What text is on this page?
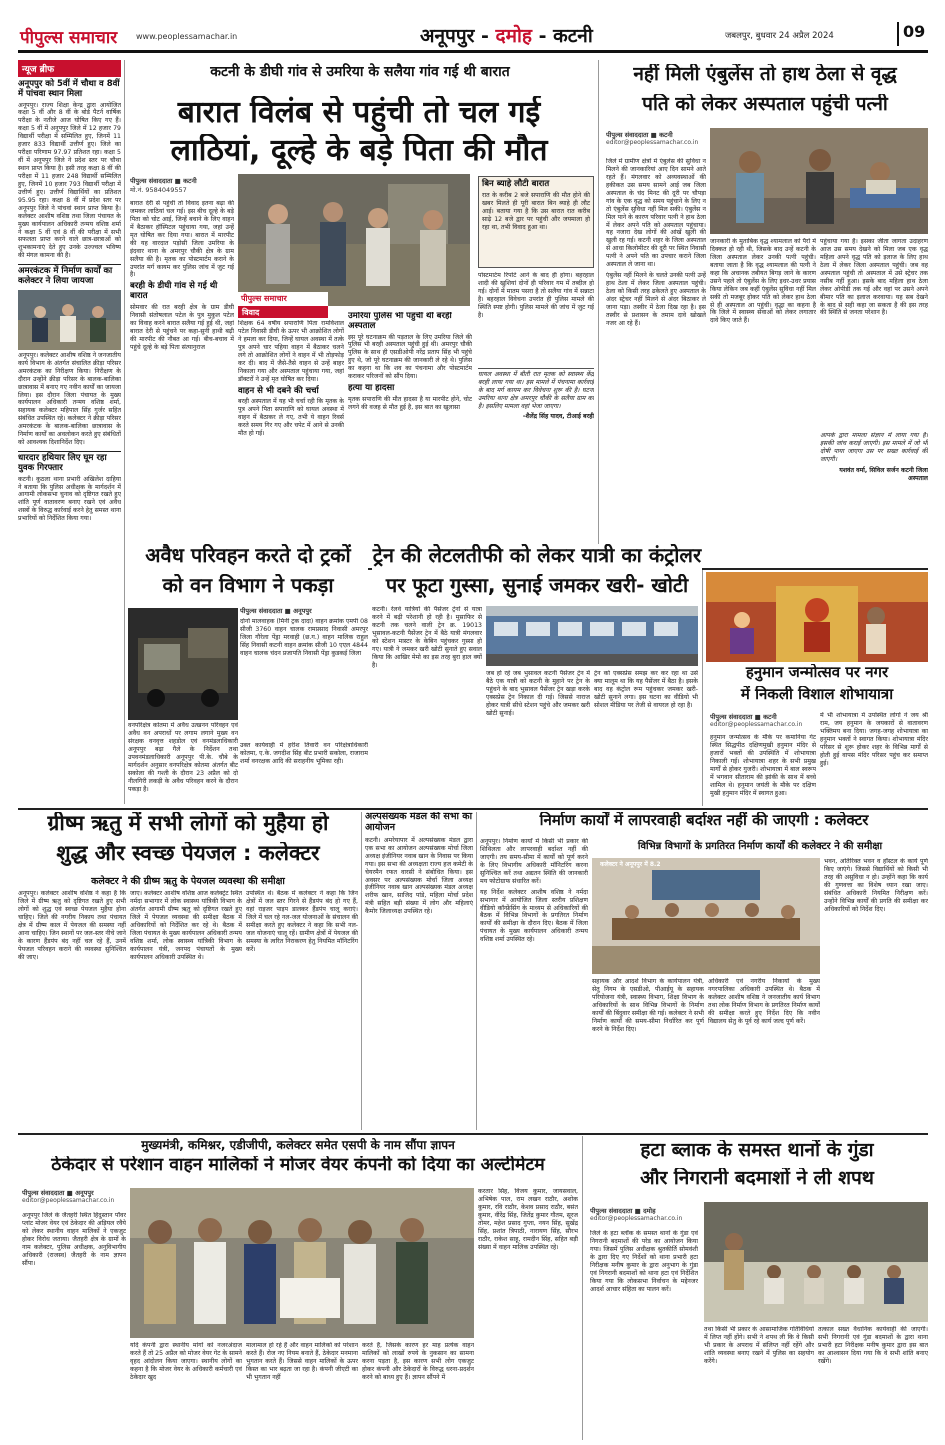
पीपुल्स समाचार www.peoplessamachar.in	अनूपपुर - दमोह - कटनी	जबलपुर, बुधवार 24 अप्रैल 2024	09
न्यूज ब्रीफ
अनूपपुर को 5वीं में चौथा व 8वीं में पांचवा स्थान मिला
अनूपपुर। राज्य शिक्षा केन्द्र द्वारा आयोजित कक्षा 5 वीं और 8 वीं के बोर्ड पैटर्न वार्षिक परीक्षा के नतीजे आज घोषित किए गए हैं। कक्षा 5 वीं में अनूपपुर जिले में 12 हजार 79 विद्यार्थी परीक्षा में सम्मिलित हुए, जिनमें 11 हजार 833 विद्यार्थी उत्तीर्ण हुए। जिले का परीक्षा परिणाम 97.97 प्रतिशत रहा। कक्षा 5 वीं में अनूपपुर जिले ने प्रदेश स्तर पर चौथा स्थान प्राप्त किया है। इसी तरह कक्षा 8 वीं की परीक्षा में 11 हजार 248 विद्यार्थी सम्मिलित हुए, जिनमें 10 हजार 793 विद्यार्थी परीक्षा में उत्तीर्ण हुए। उत्तीर्ण विद्यार्थियों का प्रतिशत 95.95 रहा। कक्षा 8 वीं में प्रदेश स्तर पर अनूपपुर जिले ने पांचवां स्थान प्राप्त किया है। कलेक्टर आशीष वशिष्ठ तथा जिला पंचायत के मुख्य कार्यपालन अधिकारी तन्मय वशिष्ठ शर्मा ने कक्षा 5 वीं एवं 8 वीं की परीक्षा में सभी सफलता प्राप्त करने वाले छात्र-छात्राओं को शुभकामनाएं देते हुए उनके उज्ज्वल भविष्य की मंगल कामना की है।
अमरकंटक में निर्माण कार्यों का कलेक्टर ने लिया जायजा
अनूपपुर। कलेक्टर आशीष वशिष्ठ ने जनजातीय कार्य विभाग के अंतर्गत संचालित क्रीड़ा परिसर अमरकंटक का निरीक्षण किया। निरीक्षण के दौरान उन्होंने क्रीड़ा परिसर के बालक-बालिका छात्रावास में बनाए गए नवीन कार्यों का जायजा लिया। इस दौरान जिला पंचायत के मुख्य कार्यपालन अधिकारी तन्मय वशिष्ठ शर्मा, सहायक कलेक्टर महिपाल सिंह गुर्जर सहित संबंधित उपस्थित रहे। कलेक्टर ने क्रीड़ा परिसर अमरकंटक के बालक-बालिका छात्रावास के निर्माण कार्यों का अवलोकन करते हुए संबंधितों को आवश्यक दिशानिर्देश दिए।
धारदार हथियार लिए घूम रहा युवक गिरफ्तार
कटनी। कुठला थाना प्रभारी अखिलेश दाहिया ने बताया कि पुलिस अधीक्षक के मार्गदर्शन में आगामी लोकसभा चुनाव को दृष्टिगत रखते हुए शांति पूर्ण वातावरण बनाए रखने एवं अवैध शस्त्रों के विरुद्ध कार्रवाई करने हेतु समस्त थाना प्रभारियों को निर्देशित किया गया।
कटनी के डीघी गांव से उमरिया के सलैया गांव गई थी बारात
बारात विलंब से पहुंची तो चल गई
लाठियां, दूल्हे के बड़े पिता की मौत
पीपुल्स संवाददाता ■ कटनी
मो.नं. 9584049557
पीपुल्स समाचार
विवाद
बारात देरी से पहुंची तो विवाद इतना बढ़ा की जमकर लाठियां चल गई। इस बीच दूल्हे के बड़े पिता को चोट आई, जिन्हें बचाने के लिए वाहन में बैठाकर हॉस्पिटल पहुंचाया गया, जहां उन्हें मृत घोषित कर दिया गया। बारात में मारपीट की यह वारदात पड़ोसी जिला उमरिया के इंदवार थाना के अमरपुर चौकी क्षेत्र के ग्राम सलैया की है। मृतक का पोस्टमार्टम कराने के उपरांत मर्ग कायम कर पुलिस जांच में जुट गई है।
बरही के डीघी गांव से गई थी बारात
सोमवार की रात बरही क्षेत्र के ग्राम डीघी निवासी संतोषलाल पटेल के पुत्र मुकुल पटेल का विवाह करने बारात सलैया गई हुई थी, जहां बारात देरी से पहुंचने पर कहा-सुनी हाथी बढ़ी की मारपीट की नौबत आ गई। बीच-बचाव में पहुंचे दूल्हे के बड़े पिता संत्यानुराज
शिक्षक 64 वर्षीय सपाराणि पिता रामविशाल पटेल निवासी डीघी के ऊपर भी आक्रोशित लोगों ने हमला कर दिया, जिन्हें घायल अवस्था में तत्के पुत्र अपने चार पहिया वाहन में बैठाकर चलने लगे तो आक्रोशित लोगों ने वाहन में भी तोड़फोड़ कर दी। बाद में जैसे-तैसे वाहन से उन्हें बाहर निकाला गया और अस्पताल पहुंचाया गया, जहां डॉक्टरों ने उन्हें मृत घोषित कर दिया।
वाहन से भी दबने की चर्चा
बरही अस्पताल में यह भी चर्चा रही कि मृतक के पुत्र अपने पिता सपाराणि को घायल अवस्था में वाहन में बैठाकर ले गए, तभी ये वाहन रिवर्स करते समय गिर गए और चपेट में आने से उनकी मौत हो गई।
उमरिया पुलिस भी पहुंची थी बरही अस्पताल
इस पूरे घटनाक्रम की पड़ताल के लिए उमरिया जिले की पुलिस भी बरही अस्पताल पहुंची हुई थी। अमरपुर चौकी पुलिस के साथ ही एसडीओपी नरेंद्र प्रताप सिंह भी पहुंचे हुए थे, जो पूरे घटनाक्रम की जानकारी ले रहे थे। पुलिस का कहना था कि शव का पंचनामा और पोस्टमार्टम कराकर परिजनों को सौंप दिया।
हत्या या हादसा
मृतक सपाराणि की मौत हादसा है या मारपीट होने, चोट लगने की वजह से मौत हुई है, इस बात का खुलासा
बिन ब्याहे लौटी बारात
रात के करीब 2 बजे सपाराणि की मौत होने की खबर मिलते ही पूरी बारात बिन ब्याहे ही लौट आई। बताया गया है कि उस बारात रात करीब साढ़े 12 बजे द्वार पर पहुंची और जयमाला हो रहा था, तभी विवाद हुआ था।
पोस्टमार्टम रिपोर्ट आने के बाद ही होगा। बहरहाल शादी की खुशियां दोनों ही परिवार गम में तब्दील हो गई। दोनों में मातम पसरा है तो सलैया गांव में सन्नाटा है। बहरहाल विवेचना उपरांत ही पुलिस मामले की स्थिति स्पष्ट होगी। पुलिस मामले की जांच में जुट गई है।
घायल अवस्था में बीती रात मृतक को स्वास्थ्य केंद्र बरही लाया गया था। इस मामले में पंचनामा कार्रवाई के बाद मर्ग कायम कर विवेचना शुरू की है। घटना उमरिया थाना क्षेत्र अमरपुर चौकी के सलैया ग्राम का है। इसलिए मामला वहां भेजा जाएगा।
-शैलेंद्र सिंह यादव, टीआई बरही
नहीं मिली एंबुलेंस तो हाथ ठेला से वृद्ध
पति को लेकर अस्पताल पहुंची पत्नी
पीपुल्स संवाददाता ■ कटनी
editor@peoplessamachar.co.in
जिले में ग्रामीण क्षेत्रों में एंबुलेंस की सुविधा न मिलने की जानकारियां आए दिन सामने आते रहते हैं। मंगलवार को अव्यवस्थाओं की हकीकत उस समय सामने आई जब जिला अस्पताल के चंद मिनट की दूरी पर चौपड़ा गांव के एक वृद्ध को समय पहुंचाने के लिए न तो एंबुलेंस सुविधा नहीं मिल सकी। एंबुलेंस न मिल पाने के कारण परिवार पत्नी ने हाथ ठेला में लेकर अपने पति को अस्पताल पहुंचाया। यह नजारा देख लोगों की आंखें खुली की खुली रह गई। कटनी शहर के जिला अस्पताल से आधा किलोमीटर की दूरी पर स्थित निवासी पत्नी ने अपने पति का उपचार कराने जिला अस्पताल ले जाना था।
एंबुलेंस नहीं मिलने के चलते उनकी पत्नी उन्हें हाथ ठेला में लेकर जिला अस्पताल पहुंची। ठेला को किसी तरह ढकेलते हुए अस्पताल के अंदर स्ट्रेचर नहीं मिलने से अंदर बिठाकर ले जाना पड़ा। तस्वीर में ठेला दिख रहा है। इस तस्वीर से प्रशासन के तमाम दावे खोखले नजर आ रहे हैं।
जानकारी के मुताबिक वृद्ध श्यामलाल को पैरों में दिक्कत हो रही थी, जिसके बाद उन्हें कटनी के जिला अस्पताल लेकर उनकी पत्नी पहुंची। बताया जाता है कि वृद्ध श्यामलाल की पत्नी ने कहा कि अचानक तबीयत बिगड़ जाने के कारण उसने पहले तो एंबुलेंस के लिए इधर-उधर प्रयास किया लेकिन जब कहीं एंबुलेंस सुविधा नहीं मिल सकी तो मजबूर होकर पति को लेकर हाथ ठेला से ही अस्पताल आ पहुंची। वृद्धा का कहना है कि जिले में स्वास्थ्य सेवाओं को लेकर लगातार दावे किए जाते हैं।
पहुंचाया गया है। इसका जीता जागता उदाहरण आज उस समय देखने को मिला जब एक वृद्ध महिला अपने वृद्ध पति को इलाज के लिए हाथ ठेला में लेकर जिला अस्पताल पहुंची। जब वह अस्पताल पहुंची तो अस्पताल में उसे स्ट्रेचर तक नसीब नहीं हुआ। इसके बाद महिला हाथ ठेला लेकर ओपीडी तक गई और वहां पर उसने अपने बीमार पति का इलाज करवाया। यह सब देखने के बाद से सही कहा जा सकता है की इस तरह की स्थिति से जनता परेशान है।
आपके द्वारा मामला संज्ञान में लाया गया है। इसकी जांच कराई जाएगी। इस मामले में जो भी दोषी पाया जाएगा उस पर सख्त कार्रवाई की जाएगी।
यशवंत वर्मा, सिविल सर्जन कटनी जिला अस्पताल
अवैध परिवहन करते दो ट्रकों
को वन विभाग ने पकड़ा
वनपरिक्षेत्र कोतमा में अवैध उत्खनन परिवहन एवं अवैध वन अपराधों पर लगाम लगाने मुख्य वन संरक्षक वनवृत्त शहडोल एवं वनमंडलाधिकारी अनूपपुर बढ़ा गैले के निर्देशन तथा उपवनमंडलाधिकारी अनूपपुर पी.के. चौबे के मार्गदर्शन अनुसार वनपरिक्षेत्र कोतमा अंतर्गत बीट सकोला की गश्ती के दौरान 23 अप्रैल को दो नीलगिरी लकड़ी के अवैध परिवहन करने के दौरान पकड़ा है।
पीपुल्स संवाददाता ■ अनूपपुर
दोनों मालवाहक (मिनी ट्रक दादा) वाहन क्रमांक एमपी 08 सीजी 3760 वाहन चालक रामप्रसाद निवासी अमरपुर जिला गौरेला पेंड्रा मरवाही (छ.ग.) वाहन मालिक राहुल सिंह निवासी कटनी वाहन क्रमांक सीजी 10 एएल 4844 वाहन चालक चंदन प्रजापति निवासी पेंड्रा कुडकई जिला
ट्रेन की लेटलतीफी को लेकर यात्री का कंट्रोलर
पर फूटा गुस्सा, सुनाई जमकर खरी- खोटी
कटनी। रेलवे यात्रियों की पैसेंजर ट्रेनों से यात्रा करने में बढ़ी परेशानी हो रही है। मुसाफिर से कटनी तक चलने वाली ट्रेन क्र. 19013 भुसावल-कटनी पैसेंजर ट्रेन में बैठे यात्री मंगलवार को स्टेशन मास्टर के केबिन पहुंचकर गुस्सा हो गए। यात्री ने जमकर खरी खोटी सुनाते हुए सवाल किया कि आखिर मेमो का इस तरह बुरा हाल क्यों है।
जब हो रहे जब भुसावल कटनी पैसेंजर ट्रेन में बैठे एक यात्री को कटनी के मुहाने पर ट्रेन के पहुंचने के बाद भुसावल पैसेंजर ट्रेन खड़ा करके एक्सप्रेस ट्रेन निकाल दी गई। जिससे नाराज होकर यात्री सीधे स्टेशन पहुंचे और जमकर खरी खोटी सुनाई।
ट्रेन को एक्सप्रेस समझ कर कर रहा था उसे क्या मालूम था कि यह पैसेंजर में बैठा है। इसके बाद वह कंट्रोल रूम पहुंचकर जमकर खरी-खोटी सुनाने लगा। इस घटना का वीडियो भी सोशल मीडिया पर तेजी से वायरल हो रहा है।
हनुमान जन्मोत्सव पर नगर
में निकली विशाल शोभायात्रा
पीपुल्स संवाददाता ■ कटनी
editor@peoplessamachar.co.in
हनुमान जन्मोत्सव के मौके पर कमानिया गेट स्थित सिद्धपीठ दक्षिणमुखी हनुमान मंदिर से हजारों भक्तों की उपस्थिति में शोभायात्रा निकाली गई। शोभायात्रा शहर के सभी प्रमुख मार्गों से होकर गुजरी। शोभायात्रा में बाल स्वरूप में भगवान सीताराम की झांकी के साथ में बच्चे शामिल थे। हनुमान जयंती के मौके पर दक्षिण मुखी हनुमान मंदिर में स्वागत हुआ।
में भी शोभायात्रा में उपस्थित लोगों ने जय श्री राम, जय हनुमान के जयकारों से वातावरण भक्तिमय बना दिया। जगह-जगह शोभायात्रा का हनुमान भक्तों ने स्वागत किया। शोभायात्रा मंदिर परिसर से शुरू होकर शहर के विभिन्न मार्गों से होती हुई वापस मंदिर परिसर पहुंच कर समाप्त हुई।
ग्रीष्म ऋतु में सभी लोगों को मुहैया हो
शुद्ध और स्वच्छ पेयजल : कलेक्टर
कलेक्टर ने की ग्रीष्म ऋतु के पेयजल व्यवस्था की समीक्षा
अनूपपुर। कलेक्टर आशीष वशिष्ठ ने कहा है कि जिले में ग्रीष्म ऋतु को दृष्टिगत रखते हुए सभी लोगों को शुद्ध एवं स्वच्छ पेयजल मुहैया होना चाहिए। जिले की नगरीय निकाय तथा पंचायत क्षेत्र में ग्रीष्म काल में पेयजल की समस्या नहीं आना चाहिए। जिन स्थानों पर जल-स्तर नीचे जाने के कारण हैंडपंप बंद नहीं चल रहे हैं, उनमें पेयजल परिवहन कराने की व्यवस्था सुनिश्चित की जाए।
जाए। कलेक्टर आशीष वशिष्ठ आज कलेक्ट्रेट स्थित नर्मदा सभागार में लोक स्वास्थ्य यांत्रिकी विभाग के अंतर्गत आगामी ग्रीष्म ऋतु को दृष्टिगत रखते हुए जिले में पेयजल व्यवस्था की समीक्षा बैठक में अधिकारियों को निर्देशित कर रहे थे। बैठक में जिला पंचायत के मुख्य कार्यपालन अधिकारी तन्मय वशिष्ठ शर्मा, लोक स्वास्थ्य यांत्रिकी विभाग के कार्यपालन यंत्री, जनपद पंचायतों के मुख्य कार्यपालन अधिकारी उपस्थित थे।
उपस्थित थे। बैठक में कलेक्टर ने कहा कि जिन क्षेत्रों में जल स्तर गिरने से हैंडपंप बंद हो गए हैं, वहां राइजर पाइप डालकर हैंडपंप चालू कराएं। जिले में चल रहे नल-जल योजनाओं के संचालन की समीक्षा करते हुए कलेक्टर ने कहा कि सभी नल-जल योजनाएं चालू रहें। ग्रामीण क्षेत्रों में पेयजल की समस्या के त्वरित निराकरण हेतु नियमित मॉनिटरिंग करें।
अल्पसंख्यक मंडल की सभा का आयोजन
कटनी। अमरेयापार में अल्पसंख्यक मंडल द्वारा एक सभा का आयोजन अल्पसंख्यक मोर्चा जिला अध्यक्ष इंजीनियर नवाब खान के निवास पर किया गया। इस सभा की अध्यक्षता राज्य हज कमेटी के चेयरमैन रफत वारसी ने संबोधित किया। इस अवसर पर अल्पसंख्यक मोर्चा जिला अध्यक्ष इंजीनियर नवाब खान अल्पसंख्यक मंडल अध्यक्ष शरीफ खान, साजिद पांडे, महिला मोर्चा प्रदेश मंत्री सहित बड़ी संख्या में लोग और महिलाएं कैमोर जिलाध्यक्ष उपस्थित रहे।
निर्माण कार्यों में लापरवाही बर्दाश्त नहीं की जाएगी : कलेक्टर
अनूपपुर। निर्माण कार्यों में किसी भी प्रकार की शिथिलता और लापरवाही बर्दाश्त नहीं की जाएगी। तय समय-सीमा में कार्यों को पूर्ण करने के लिए विभागीय अधिकारी मॉनिटरिंग करना सुनिश्चित करें तथा अद्यतन स्थिति की जानकारी मय फोटोग्राफ संधारित करें।
यह निर्देश कलेक्टर आशीष वशिष्ठ ने नर्मदा सभागार में आयोजित जिला स्तरीय प्रशिक्षण वीडियो कॉन्फ्रेंसिंग के माध्यम से अधिकारियों की बैठक में विभिन्न विभागों के प्रगतिरत निर्माण कार्यों की समीक्षा के दौरान दिए। बैठक में जिला पंचायत के मुख्य कार्यपालन अधिकारी तन्मय वशिष्ठ शर्मा उपस्थित रहे।
विभिन्न विभागों के प्रगतिरत निर्माण कार्यों की कलेक्टर ने की समीक्षा
कलेक्टर ने अनूपपुर में 8.2
सहायक और आदर्श विभाग के कार्यपालन यंत्री, सेतु निगम के एसडीओ, पीआईयू के सहायक परियोजना यंत्री, स्वास्थ्य विभाग, शिक्षा विभाग के अधिकारियों के साथ विभिन्न विभागों के निर्माण कार्यों की बिंदुवार समीक्षा की गई। कलेक्टर ने सभी निर्माण कार्यों की समय-सीमा निर्धारित कर पूर्ण करने के निर्देश दिए।
अधिकारी एवं नगरीय निकायों के मुख्य नगरपालिका अधिकारी उपस्थित थे। बैठक में कलेक्टर आशीष वशिष्ठ ने जनजातीय कार्य विभाग तथा लोक निर्माण विभाग के प्रगतिरत निर्माण कार्यों की समीक्षा करते हुए निर्देश दिए कि नवीन विद्यालय सेतु के पूर्व रहे कार्य जल्द पूर्ण करें।
भवन, अतिरिक्त भवन व हॉस्टल के कार्य पूर्ण किए जाएंगे। जिससे विद्यार्थियों को किसी भी तरह की असुविधा न हो। उन्होंने कहा कि कार्य की गुणवत्ता का विशेष ध्यान रखा जाए। संबंधित अधिकारी नियमित निरीक्षण करें। उन्होंने विभिन्न कार्यों की प्रगति की समीक्षा कर अधिकारियों को निर्देश दिए।
मुख्यमंत्री, कमिश्नर, एडीजीपी, कलेक्टर समेत एसपी के नाम सौंपा ज्ञापन
ठेकेदार से परेशान वाहन मालिकों ने मोजर वेयर कंपनी को दिया का अल्टीमेटम
पीपुल्स संवाददाता ■ अनूपपुर
editor@peoplessamachar.co.in
अनूपपुर जिले के जैतहरी स्थित हिंदुस्तान पॉवर प्लांट मोजर वेयर एवं ठेकेदार की अड़ियल रवैये को लेकर स्थानीय वाहन मालिकों ने एकजुट होकर विरोध जताया। जैतहरी क्षेत्र के ग्रामों के नाम कलेक्टर, पुलिस अधीक्षक, अनुविभागीय अधिकारी (राजस्व) जैतहरी के नाम ज्ञापन सौंपा।
यदि कंपनी द्वारा स्थानीय मांगों को नजरअंदाज करते हैं तो 25 अप्रैल को मोजर वेयर गेट के सामने वृहद आंदोलन किया जाएगा। स्थानीय लोगों का कहना है कि मोजर वेयर के अधिकारी कर्मचारी एवं ठेकेदार खुद
मालामाल हो रहे हैं और वाहन मालिकों को परेशान करते हैं। रोज नए नियम बनाते हैं, ठेकेदार मनमाना भुगतान करते हैं। जिससे वाहन मालिकों के ऊपर किस्त का भार बढ़ता जा रहा है। कंपनी जीएटी का भी भुगतान नहीं
करते हैं, जिसके कारण हर माह प्रत्येक वाहन मालिकों को लाखों रुपये के नुकसान का सामना करना पड़ता है, इस कारण सभी लोग एकजुट होकर कंपनी और ठेकेदारों के विरुद्ध धरना-प्रदर्शन करने को बाध्य हुए हैं। ज्ञापन सौंपने में
करतार सिंह, विजय कुमार, जायसवाल, अभिषेक पाल, राम लखन राठौर, अशोक कुमार, रवि राठौर, केशव प्रसाद राठौर, बसंत कुमार, वीरेंद्र सिंह, जितेंद्र कुमार गौतम, सूरज तोमर, महेश प्रसाद गुप्ता, नयन सिंह, सुखेंद्र सिंह, प्रशांत त्रिपाठी, नारायण सिंह, सौरभ राठौर, राकेश साहू, रामदीन सिंह, सहित बड़ी संख्या में वाहन मालिक उपस्थित रहे।
हटा ब्लाक के समस्त थानों के गुंडा
और निगरानी बदमाशों ने ली शपथ
पीपुल्स संवाददाता ■ दमोह
editor@peoplessamachar.co.in
जिले के हटा ब्लॉक के समस्त थानों के गुंडा एवं निगरानी बदमाशों की परेड का आयोजन किया गया। जिसमें पुलिस अधीक्षक श्रुतकीर्ति सोमवंशी के द्वारा दिए गए निर्देशों को थाना प्रभारी हटा निरीक्षक मनीष कुमार के द्वारा अनुभाग के गुंडा एवं निगरानी बदमाशों को थाना हटा एवं निर्देशित किया गया कि लोकसभा निर्वाचन के मद्देनजर आदर्श आचार संहिता का पालन करें।
तथा किसी भी प्रकार के आसामाजिक गतिविधियों में लिप्त नहीं होंगे। सभी ने शपथ ली कि वे किसी भी प्रकार के अपराध में संलिप्त नहीं रहेंगे और शांति व्यवस्था बनाए रखने में पुलिस का सहयोग करेंगे।
तत्काल सख्त वैधानिक कार्यवाही की जाएगी। सभी निगरानी एवं गुंडा बदमाशों के द्वारा थाना प्रभारी हटा निरीक्षक मनीष कुमार द्वारा इस बात का आश्वासन दिया गया कि वे सभी शांति बनाए रखेंगे।
उक्त कार्यवाही में हरीश तिवारी वन परिक्षेत्राधिकारी कोतमा, ए.के. जगदीश सिंह बीट प्रभारी सकोला, राजाराम शर्मा वनरक्षक आदि की सराहनीय भूमिका रही।
